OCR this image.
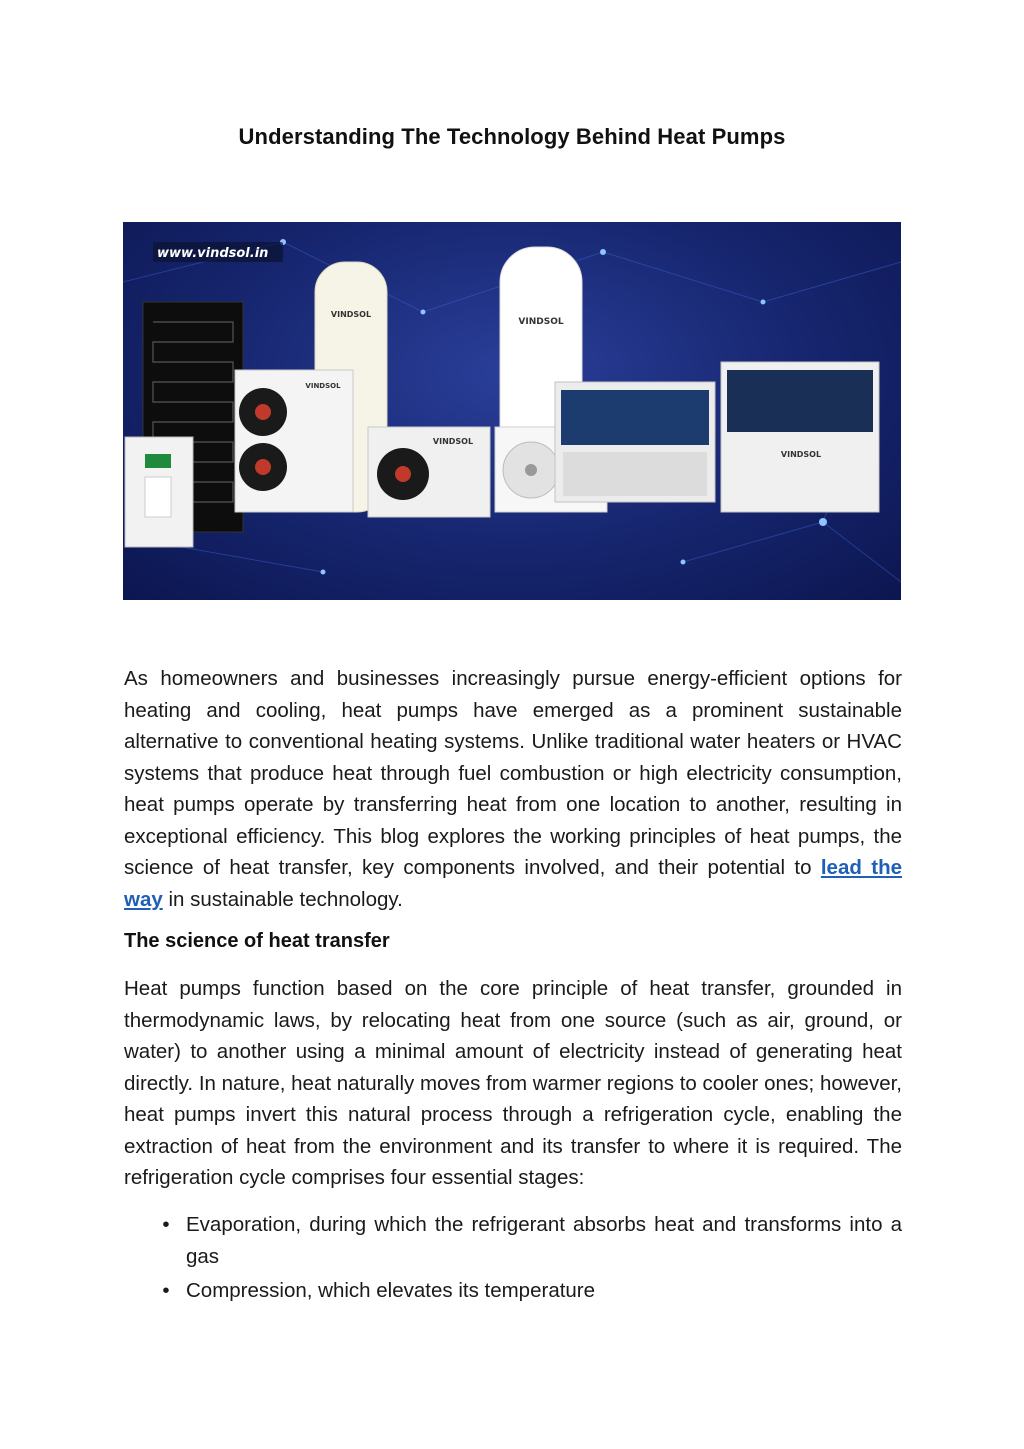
Understanding The Technology Behind Heat Pumps
www.vindsol.in
VINDSOL
VINDSOL
VINDSOL
VINDSOL
VINDSOL

As homeowners and businesses increasingly pursue energy-efficient options for heating and cooling, heat pumps have emerged as a prominent sustainable alternative to conventional heating systems. Unlike traditional water heaters or HVAC systems that produce heat through fuel combustion or high electricity consumption, heat pumps operate by transferring heat from one location to another, resulting in exceptional efficiency. This blog explores the working principles of heat pumps, the science of heat transfer, key components involved, and their potential to lead the way in sustainable technology.

The science of heat transfer

Heat pumps function based on the core principle of heat transfer, grounded in thermodynamic laws, by relocating heat from one source (such as air, ground, or water) to another using a minimal amount of electricity instead of generating heat directly. In nature, heat naturally moves from warmer regions to cooler ones; however, heat pumps invert this natural process through a refrigeration cycle, enabling the extraction of heat from the environment and its transfer to where it is required. The refrigeration cycle comprises four essential stages:

• Evaporation, during which the refrigerant absorbs heat and transforms into a gas
• Compression, which elevates its temperature
